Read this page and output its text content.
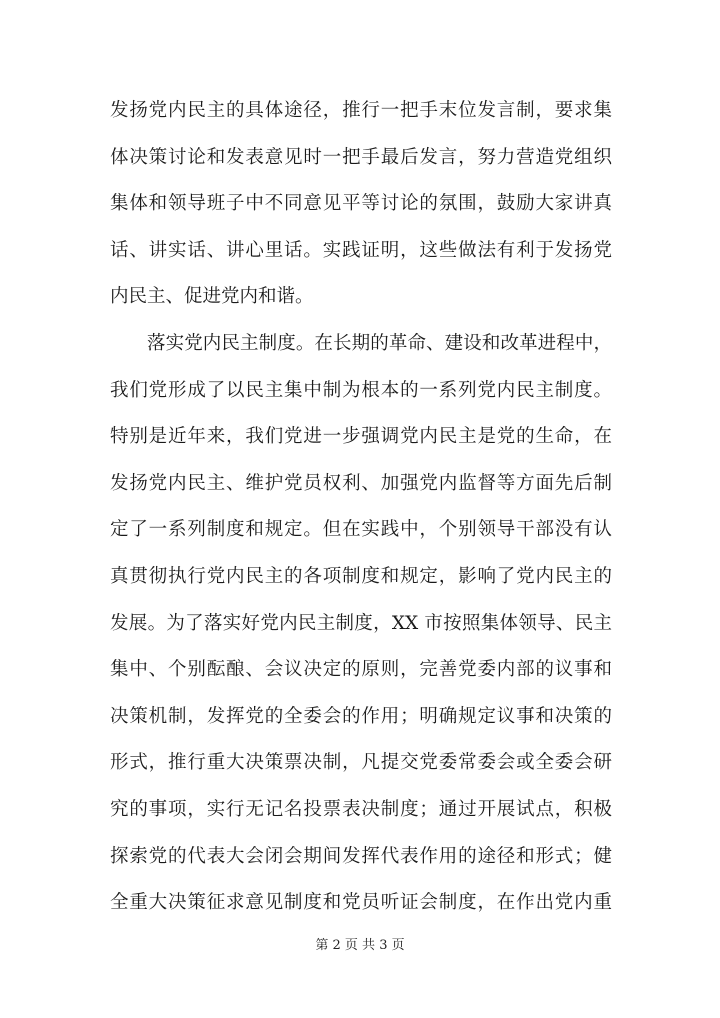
发扬党内民主的具体途径，推行一把手末位发言制，要求集
体决策讨论和发表意见时一把手最后发言，努力营造党组织
集体和领导班子中不同意见平等讨论的氛围，鼓励大家讲真
话、讲实话、讲心里话。实践证明，这些做法有利于发扬党
内民主、促进党内和谐。
落实党内民主制度。在长期的革命、建设和改革进程中，
我们党形成了以民主集中制为根本的一系列党内民主制度。
特别是近年来，我们党进一步强调党内民主是党的生命，在
发扬党内民主、维护党员权利、加强党内监督等方面先后制
定了一系列制度和规定。但在实践中，个别领导干部没有认
真贯彻执行党内民主的各项制度和规定，影响了党内民主的
发展。为了落实好党内民主制度，XX 市按照集体领导、民主
集中、个别酝酿、会议决定的原则，完善党委内部的议事和
决策机制，发挥党的全委会的作用；明确规定议事和决策的
形式，推行重大决策票决制，凡提交党委常委会或全委会研
究的事项，实行无记名投票表决制度；通过开展试点，积极
探索党的代表大会闭会期间发挥代表作用的途径和形式；健
全重大决策征求意见制度和党员听证会制度，在作出党内重
第 2 页 共 3 页
